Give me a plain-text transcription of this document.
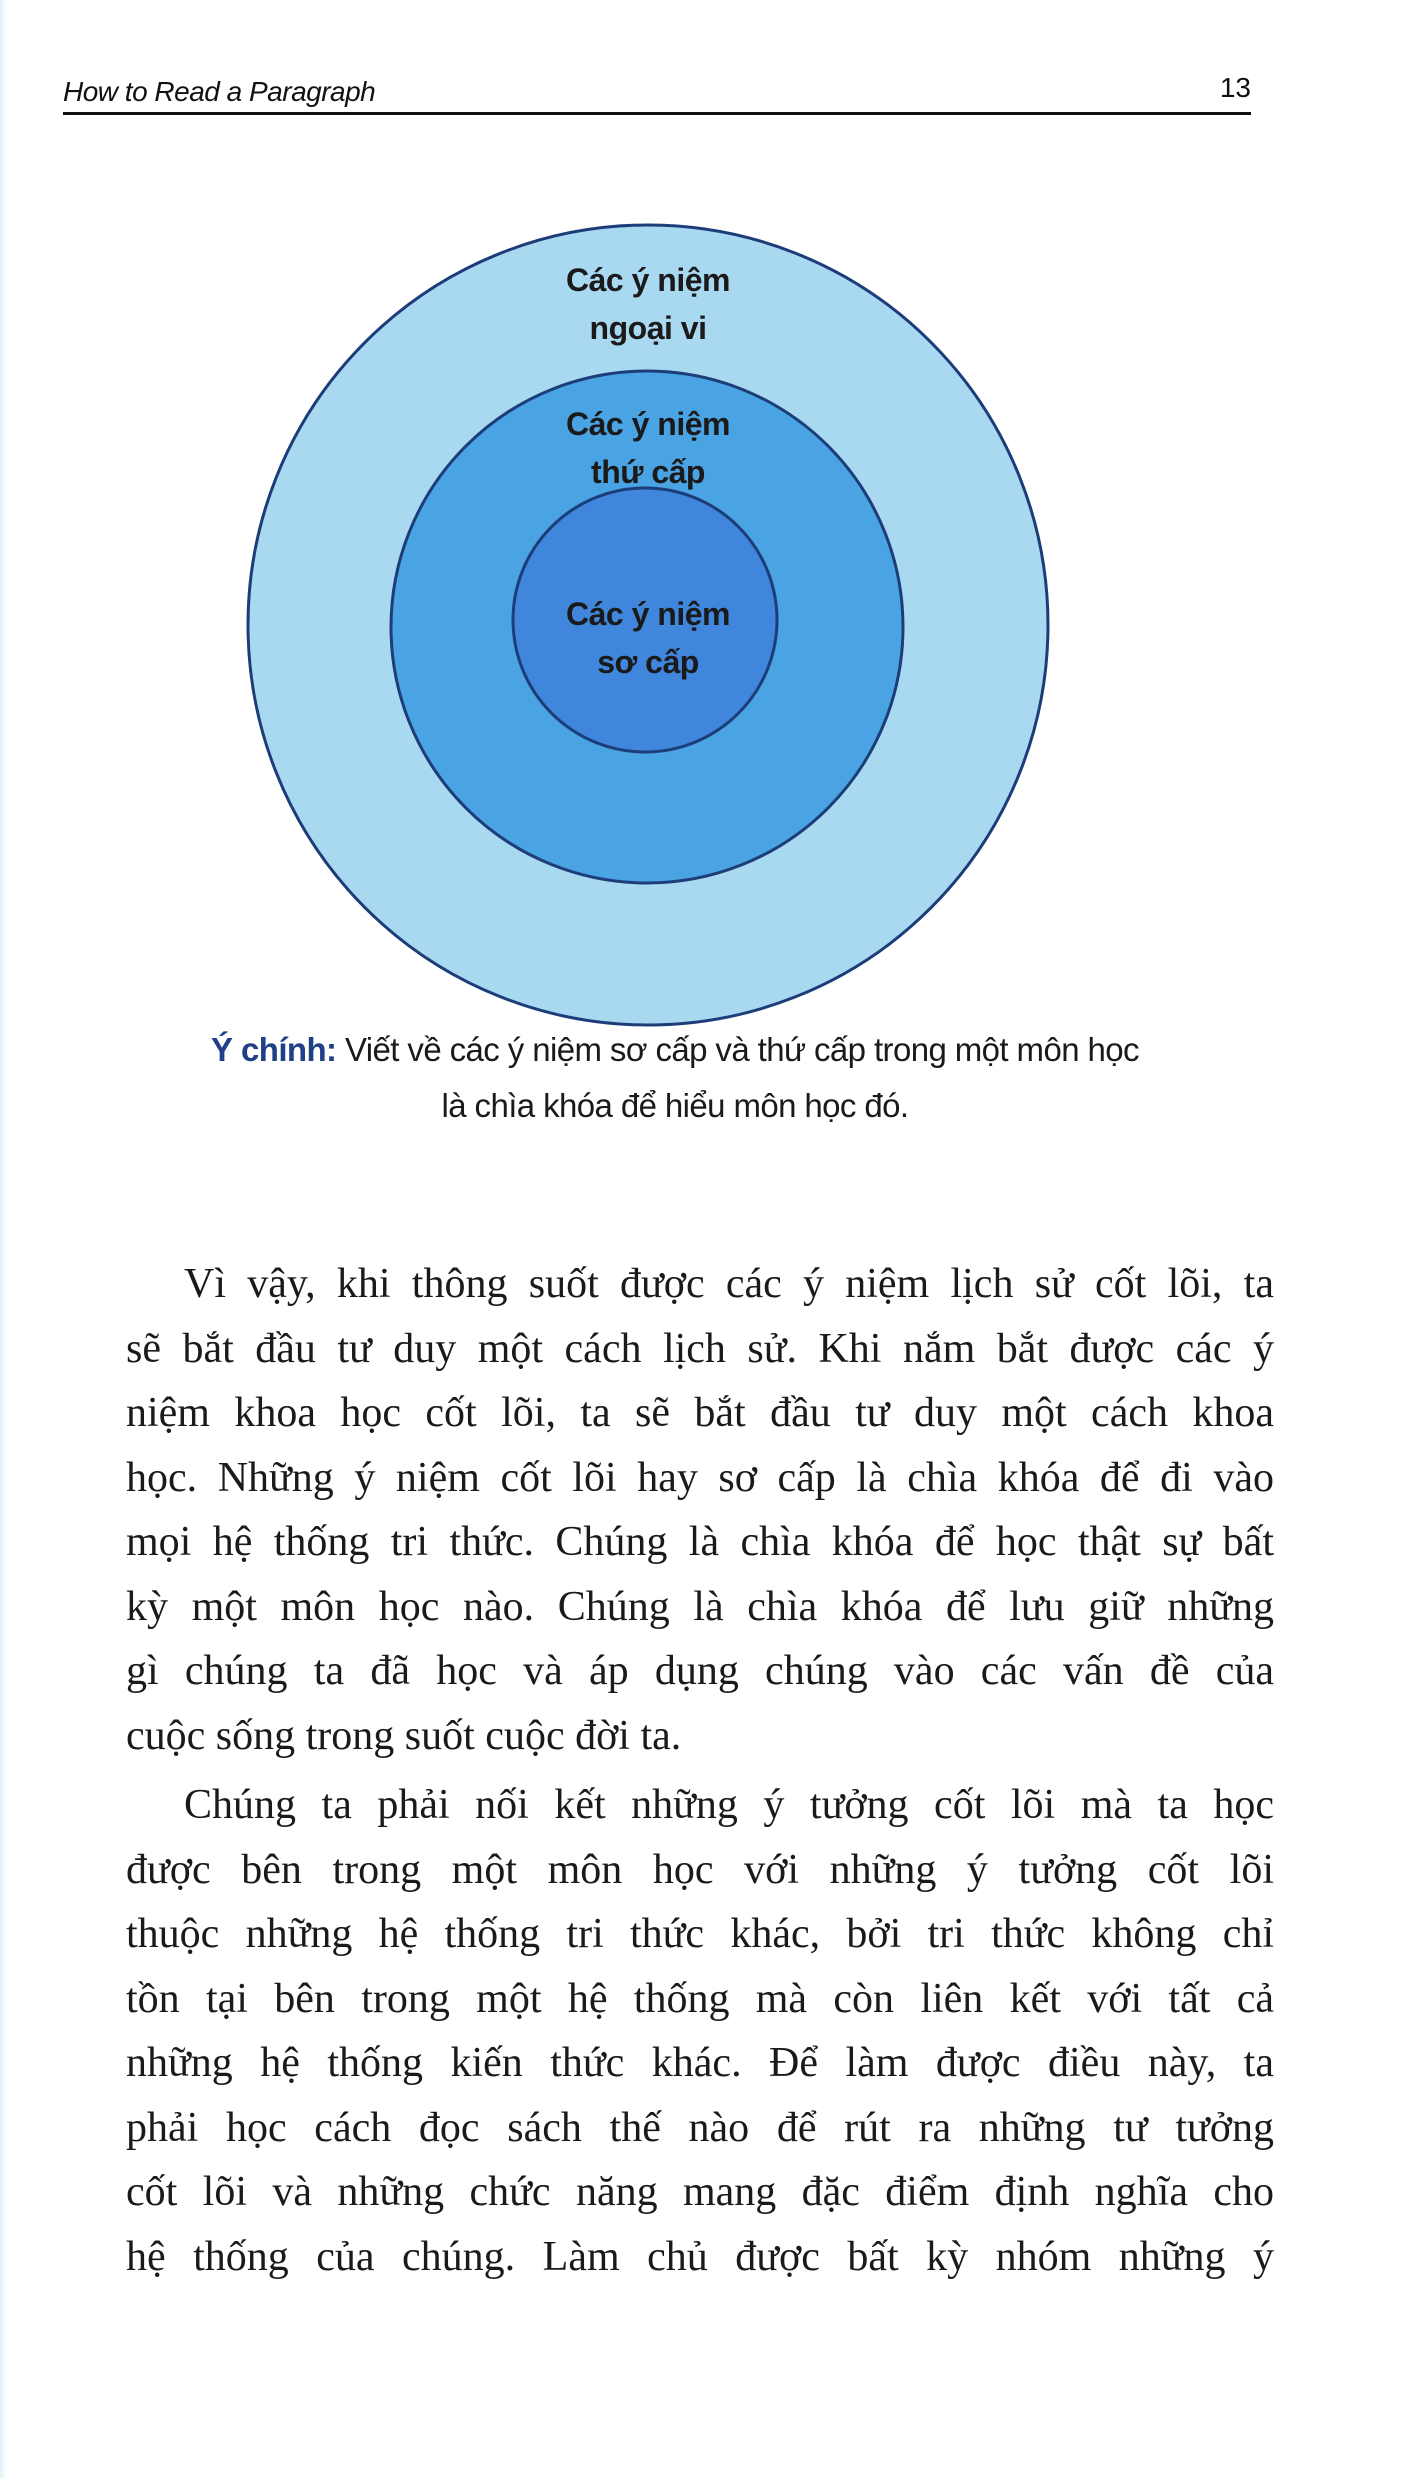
How to Read a Paragraph	13
Các ý niệm
ngoại vi
Các ý niệm
thứ cấp
Các ý niệm
sơ cấp
Ý chính: Viết về các ý niệm sơ cấp và thứ cấp trong một môn học
là chìa khóa để hiểu môn học đó.
Vì vậy, khi thông suốt được các ý niệm lịch sử cốt lõi, ta
sẽ bắt đầu tư duy một cách lịch sử. Khi nắm bắt được các ý
niệm khoa học cốt lõi, ta sẽ bắt đầu tư duy một cách khoa
học. Những ý niệm cốt lõi hay sơ cấp là chìa khóa để đi vào
mọi hệ thống tri thức. Chúng là chìa khóa để học thật sự bất
kỳ một môn học nào. Chúng là chìa khóa để lưu giữ những
gì chúng ta đã học và áp dụng chúng vào các vấn đề của
cuộc sống trong suốt cuộc đời ta.
Chúng ta phải nối kết những ý tưởng cốt lõi mà ta học
được bên trong một môn học với những ý tưởng cốt lõi
thuộc những hệ thống tri thức khác, bởi tri thức không chỉ
tồn tại bên trong một hệ thống mà còn liên kết với tất cả
những hệ thống kiến thức khác. Để làm được điều này, ta
phải học cách đọc sách thế nào để rút ra những tư tưởng
cốt lõi và những chức năng mang đặc điểm định nghĩa cho
hệ thống của chúng. Làm chủ được bất kỳ nhóm những ý
